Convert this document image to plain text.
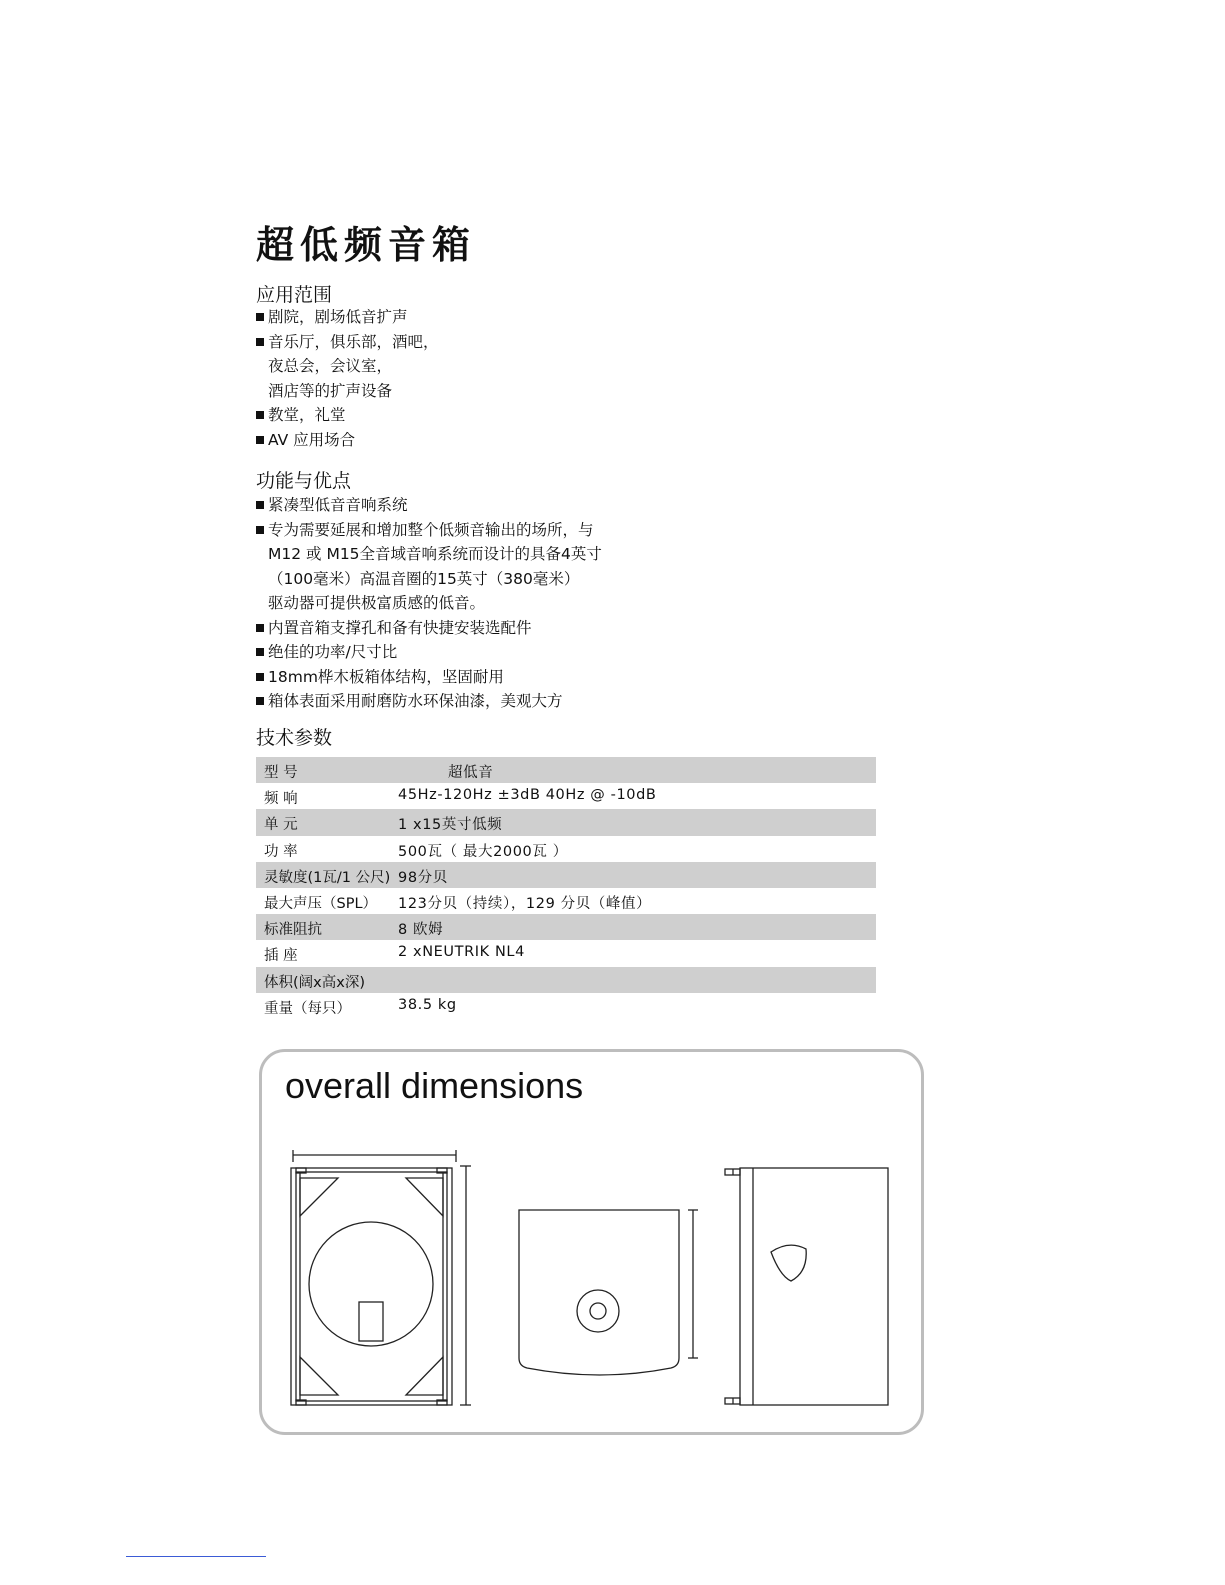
超低频音箱
应用范围
剧院，剧场低音扩声
音乐厅，俱乐部，酒吧，
夜总会，会议室，
酒店等的扩声设备
教堂，礼堂
AV 应用场合
功能与优点
紧凑型低音音响系统
专为需要延展和增加整个低频音输出的场所，与
M12 或 M15全音域音响系统而设计的具备4英寸
（100毫米）高温音圈的15英寸（380毫米）
驱动器可提供极富质感的低音。
内置音箱支撑孔和备有快捷安装选配件
绝佳的功率/尺寸比
18mm桦木板箱体结构，坚固耐用
箱体表面采用耐磨防水环保油漆，美观大方
技术参数
型 号	超低音
频 响	45Hz-120Hz ±3dB 40Hz @ -10dB
单 元	1 x15英寸低频
功 率	500瓦（ 最大2000瓦 ）
灵敏度(1瓦/1 公尺) 98分贝
最大声压（SPL） 123分贝（持续），129 分贝（峰值）
标准阻抗	8 欧姆
插 座	2 xNEUTRIK NL4
体积(阔x高x深)
重量（每只）	38.5 kg
overall dimensions
